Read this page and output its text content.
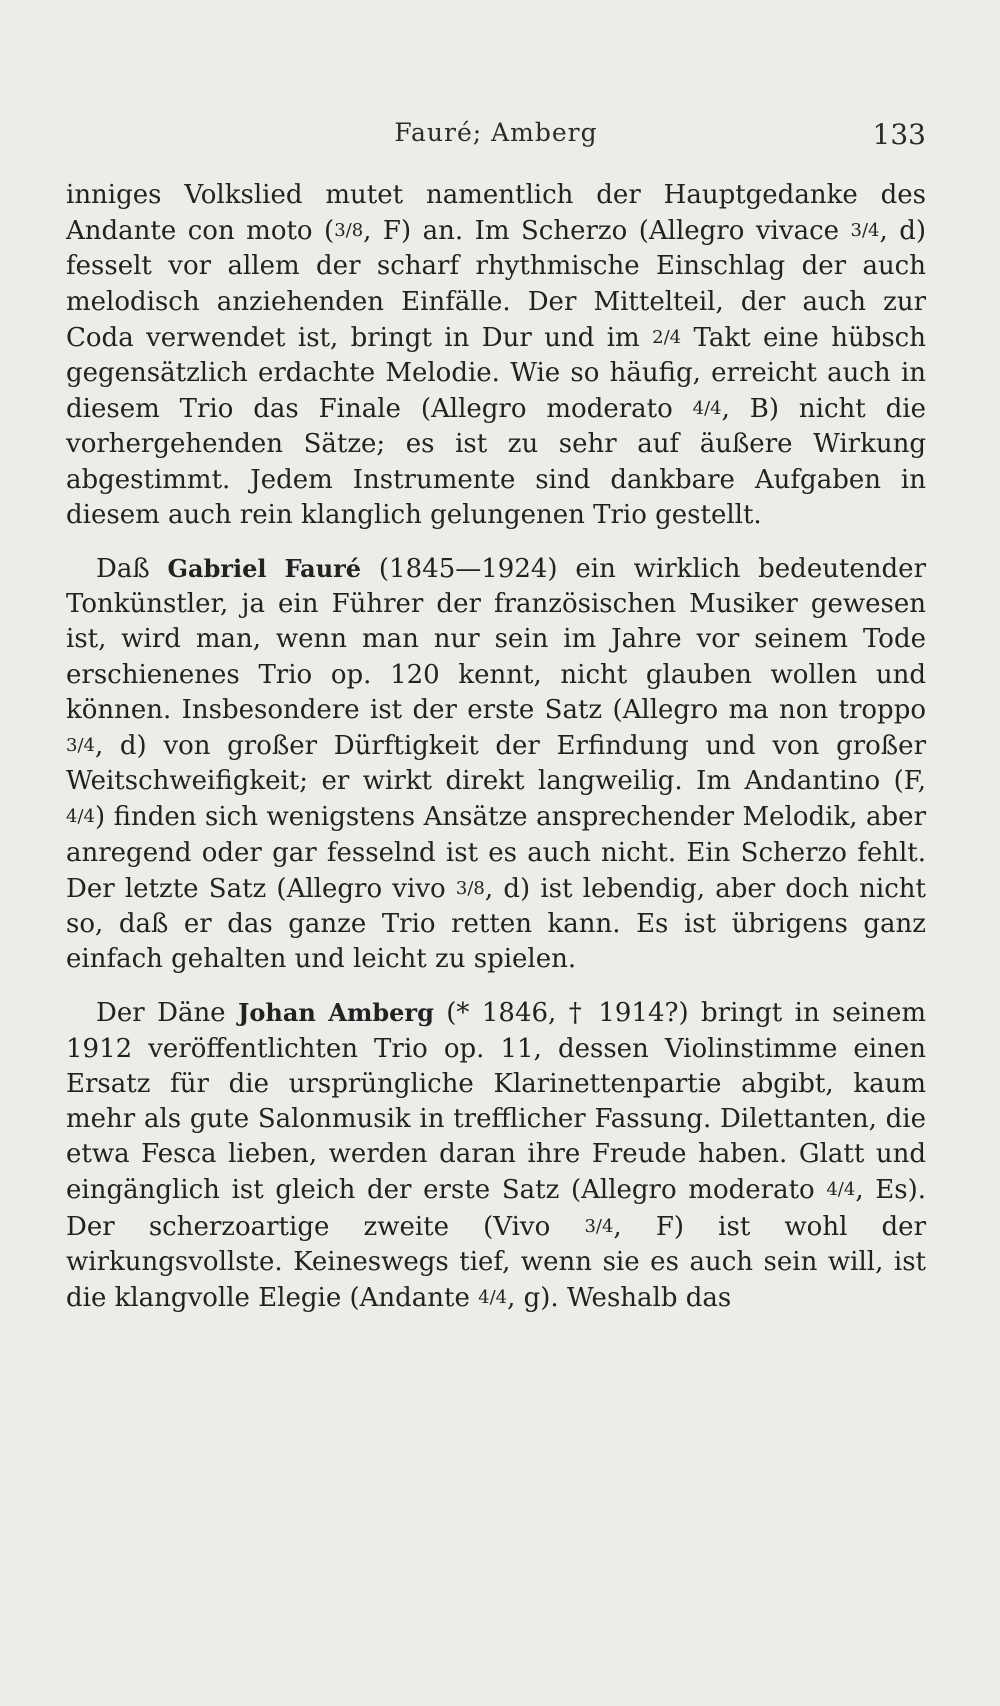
Fauré; Amberg	133

inniges Volkslied mutet namentlich der Hauptgedanke des Andante con moto (3/8, F) an. Im Scherzo (Allegro vivace 3/4, d) fesselt vor allem der scharf rhythmische Einschlag der auch melodisch anziehenden Einfälle. Der Mittelteil, der auch zur Coda verwendet ist, bringt in Dur und im 2/4 Takt eine hübsch gegensätzlich erdachte Melodie. Wie so häufig, erreicht auch in diesem Trio das Finale (Allegro moderato 4/4, B) nicht die vorhergehenden Sätze; es ist zu sehr auf äußere Wirkung abgestimmt. Jedem Instrumente sind dankbare Aufgaben in diesem auch rein klanglich gelungenen Trio gestellt.

Daß Gabriel Fauré (1845—1924) ein wirklich bedeutender Tonkünstler, ja ein Führer der französischen Musiker gewesen ist, wird man, wenn man nur sein im Jahre vor seinem Tode erschienenes Trio op. 120 kennt, nicht glauben wollen und können. Insbesondere ist der erste Satz (Allegro ma non troppo 3/4, d) von großer Dürftigkeit der Erfindung und von großer Weitschweifigkeit; er wirkt direkt langweilig. Im Andantino (F, 4/4) finden sich wenigstens Ansätze ansprechender Melodik, aber anregend oder gar fesselnd ist es auch nicht. Ein Scherzo fehlt. Der letzte Satz (Allegro vivo 3/8, d) ist lebendig, aber doch nicht so, daß er das ganze Trio retten kann. Es ist übrigens ganz einfach gehalten und leicht zu spielen.

Der Däne Johan Amberg (* 1846, † 1914?) bringt in seinem 1912 veröffentlichten Trio op. 11, dessen Violinstimme einen Ersatz für die ursprüngliche Klarinettenpartie abgibt, kaum mehr als gute Salonmusik in trefflicher Fassung. Dilettanten, die etwa Fesca lieben, werden daran ihre Freude haben. Glatt und eingänglich ist gleich der erste Satz (Allegro moderato 4/4, Es). Der scherzoartige zweite (Vivo 3/4, F) ist wohl der wirkungsvollste. Keineswegs tief, wenn sie es auch sein will, ist die klangvolle Elegie (Andante 4/4, g). Weshalb das
